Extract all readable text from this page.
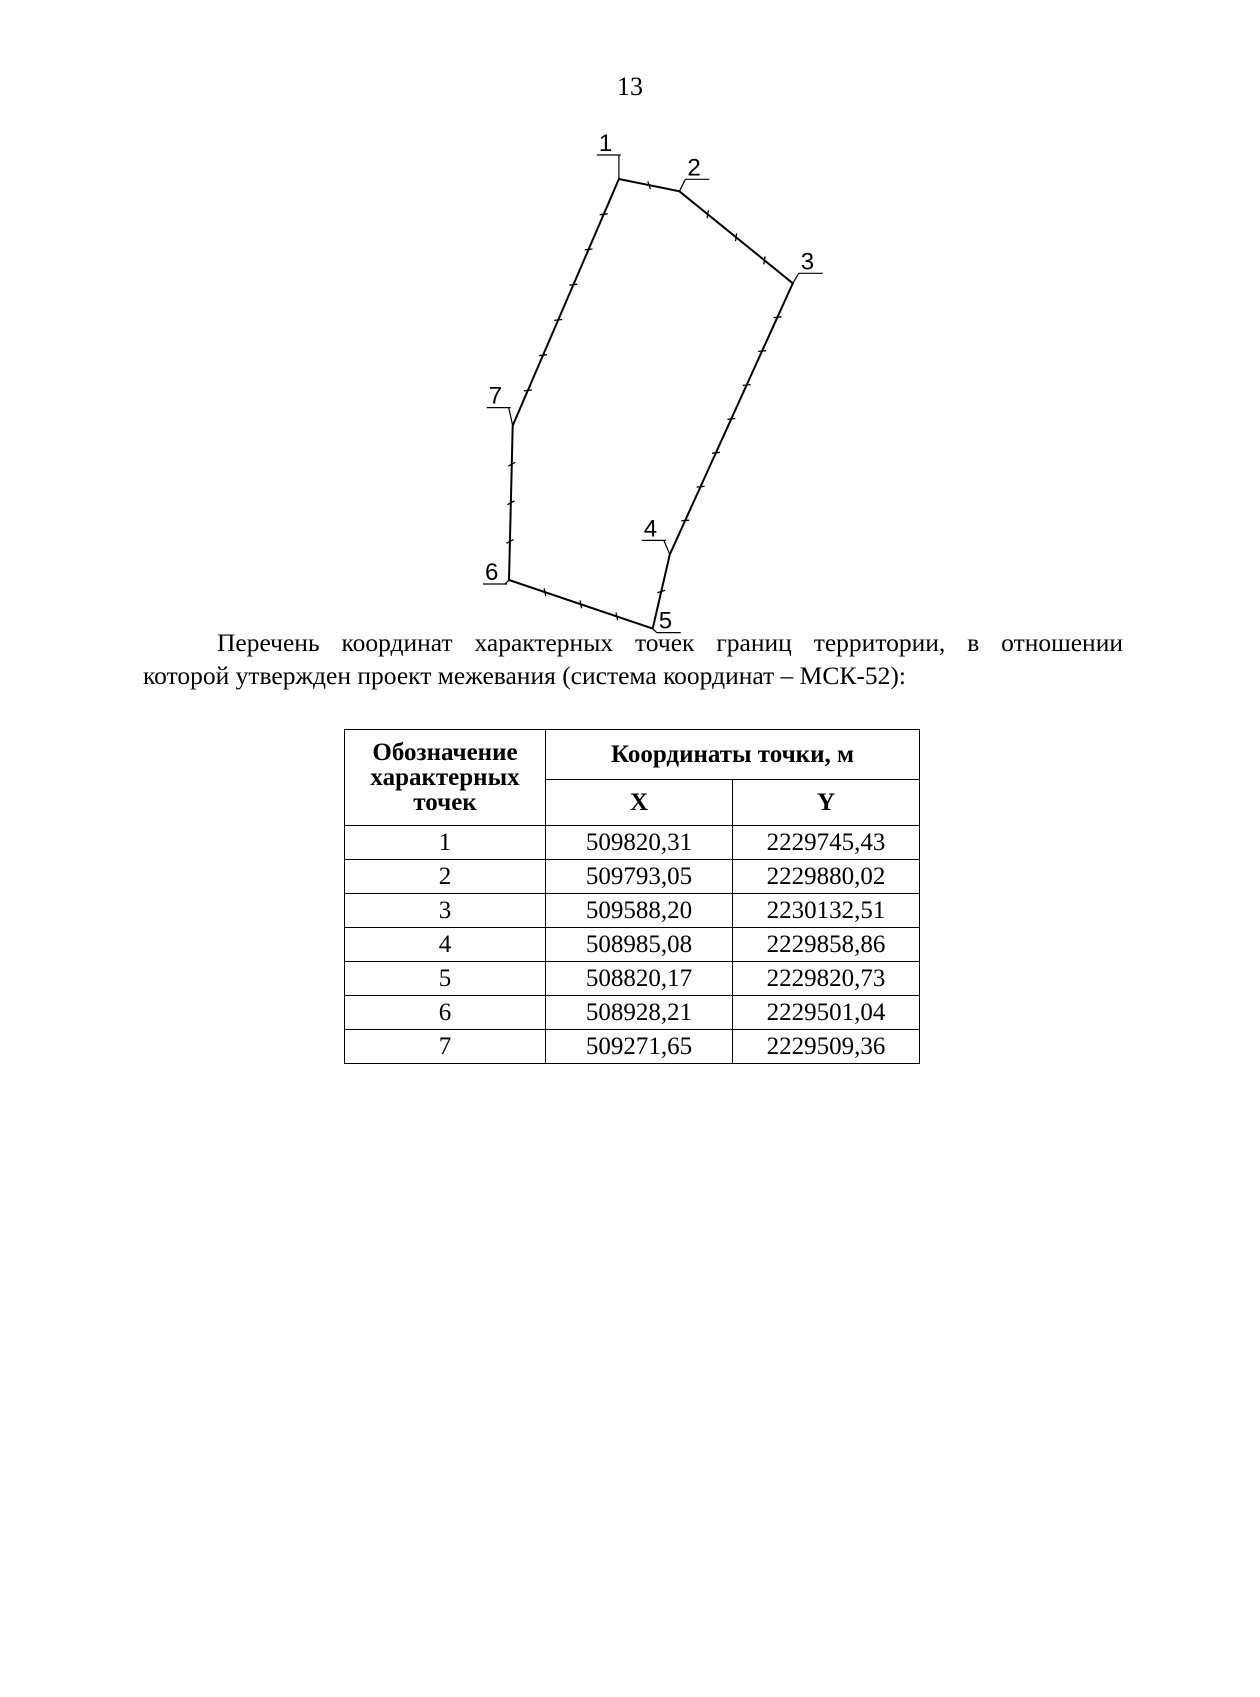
13
1
2
3
4
5
6
7
Перечень координат характерных точек границ территории, в отношении
которой утвержден проект межевания (система координат – МСК-52):
Обозначение характерных точек	Координаты точки, м	
	X	Y
1	509820,31	2229745,43
2	509793,05	2229880,02
3	509588,20	2230132,51
4	508985,08	2229858,86
5	508820,17	2229820,73
6	508928,21	2229501,04
7	509271,65	2229509,36
